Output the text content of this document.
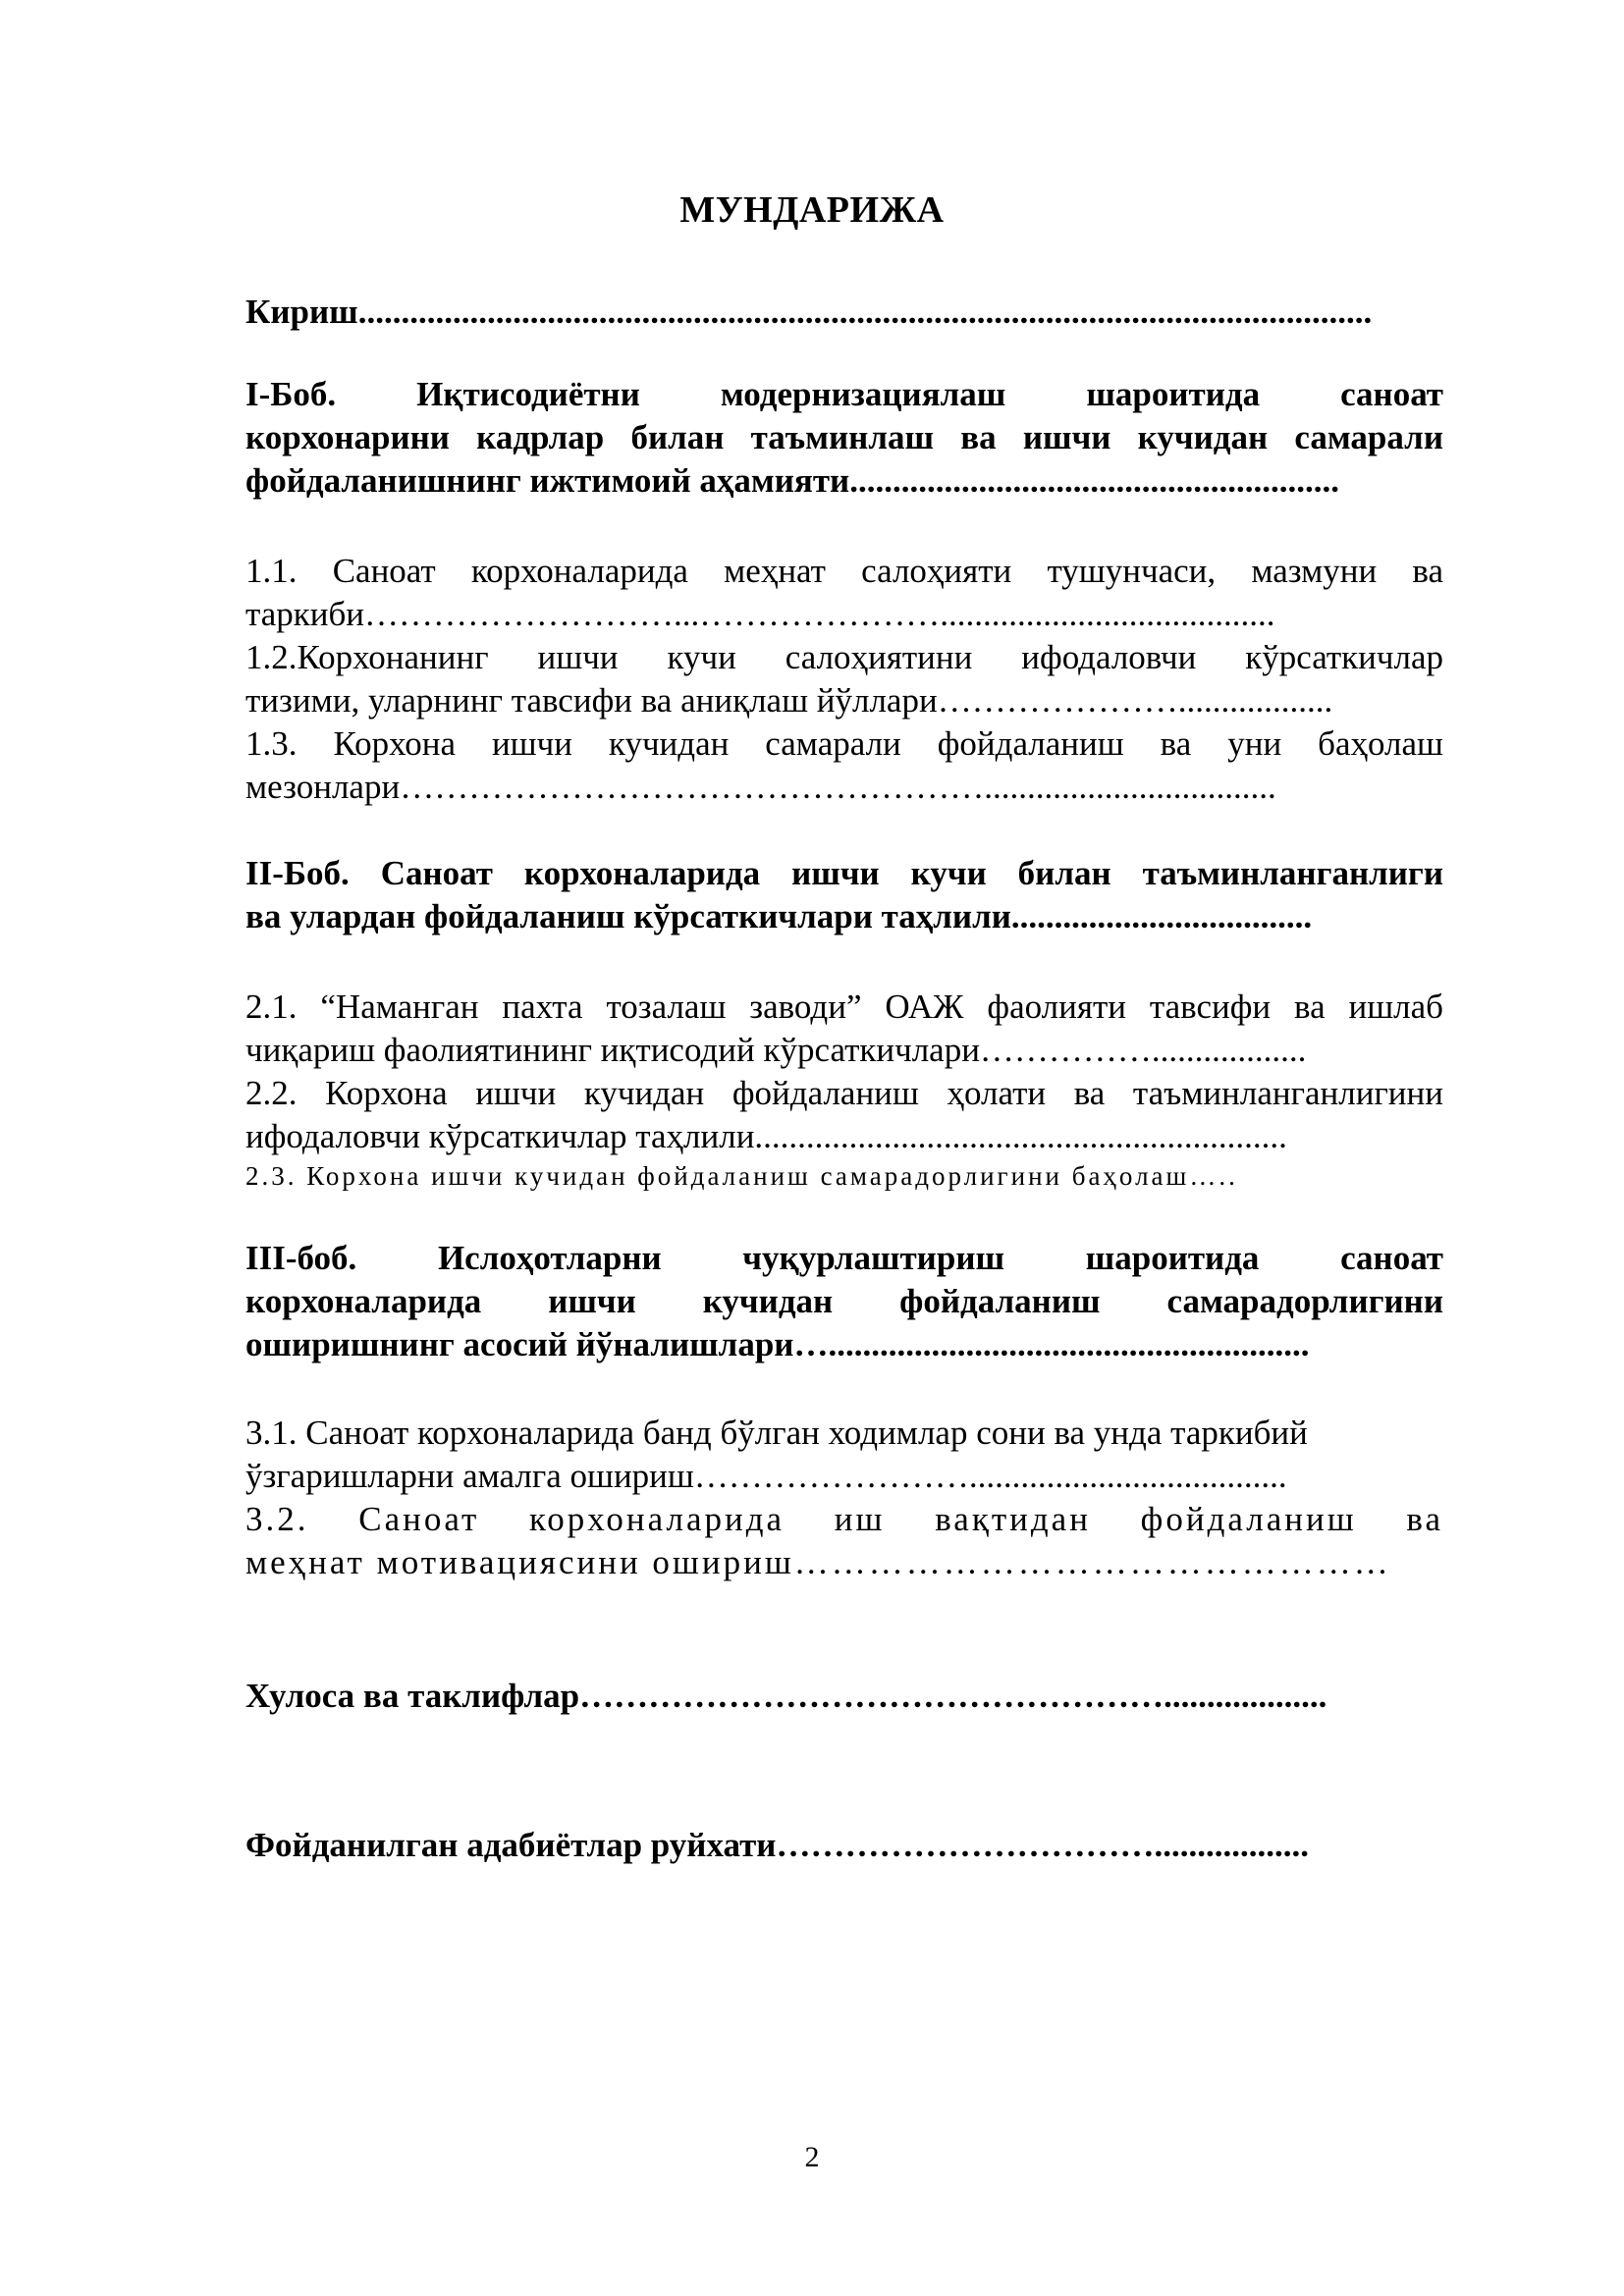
МУНДАРИЖА
Кириш......................................................................................................................
I-Боб. Иқтисодиётни модернизациялаш шароитида саноат
корхонарини кадрлар билан таъминлаш ва ишчи кучидан самарали
фойдаланишнинг ижтимоий аҳамияти.........................................................
1.1. Саноат корхоналарида меҳнат салоҳияти тушунчаси, мазмуни ва
таркиби………………………...………………….......................................
1.2.Корхонанинг ишчи кучи салоҳиятини ифодаловчи кўрсаткичлар
тизими, уларнинг тавсифи ва аниқлаш йўллари…………………..................
1.3. Корхона ишчи кучидан самарали фойдаланиш ва уни баҳолаш
мезонлари……………………………………………..................................
II-Боб. Саноат корхоналарида ишчи кучи билан таъминланганлиги
ва улардан фойдаланиш кўрсаткичлари таҳлили...................................
2.1. “Наманган пахта тозалаш заводи” ОАЖ фаолияти тавсифи ва ишлаб
чиқариш фаолиятининг иқтисодий кўрсаткичлари……………..................
2.2. Корхона ишчи кучидан фойдаланиш ҳолати ва таъминланганлигини
ифодаловчи кўрсаткичлар таҳлили..............................................................
2.3. Корхона ишчи кучидан фойдаланиш самарадорлигини баҳолаш…..
III-боб. Ислоҳотларни чуқурлаштириш шароитида саноат
корхоналарида ишчи кучидан фойдаланиш самарадорлигини
оширишнинг асосий йўналишлари…........................................................
3.1. Саноат корхоналарида банд бўлган ходимлар сони ва унда таркибий
ўзгаришларни амалга ошириш…………………….....................................
3.2. Саноат корхоналарида иш вақтидан фойдаланиш ва
меҳнат мотивациясини ошириш…………………………………………
Хулоса ва таклифлар……………………………………………...................
Фойданилган адабиётлар руйхати……………………………..................
2
